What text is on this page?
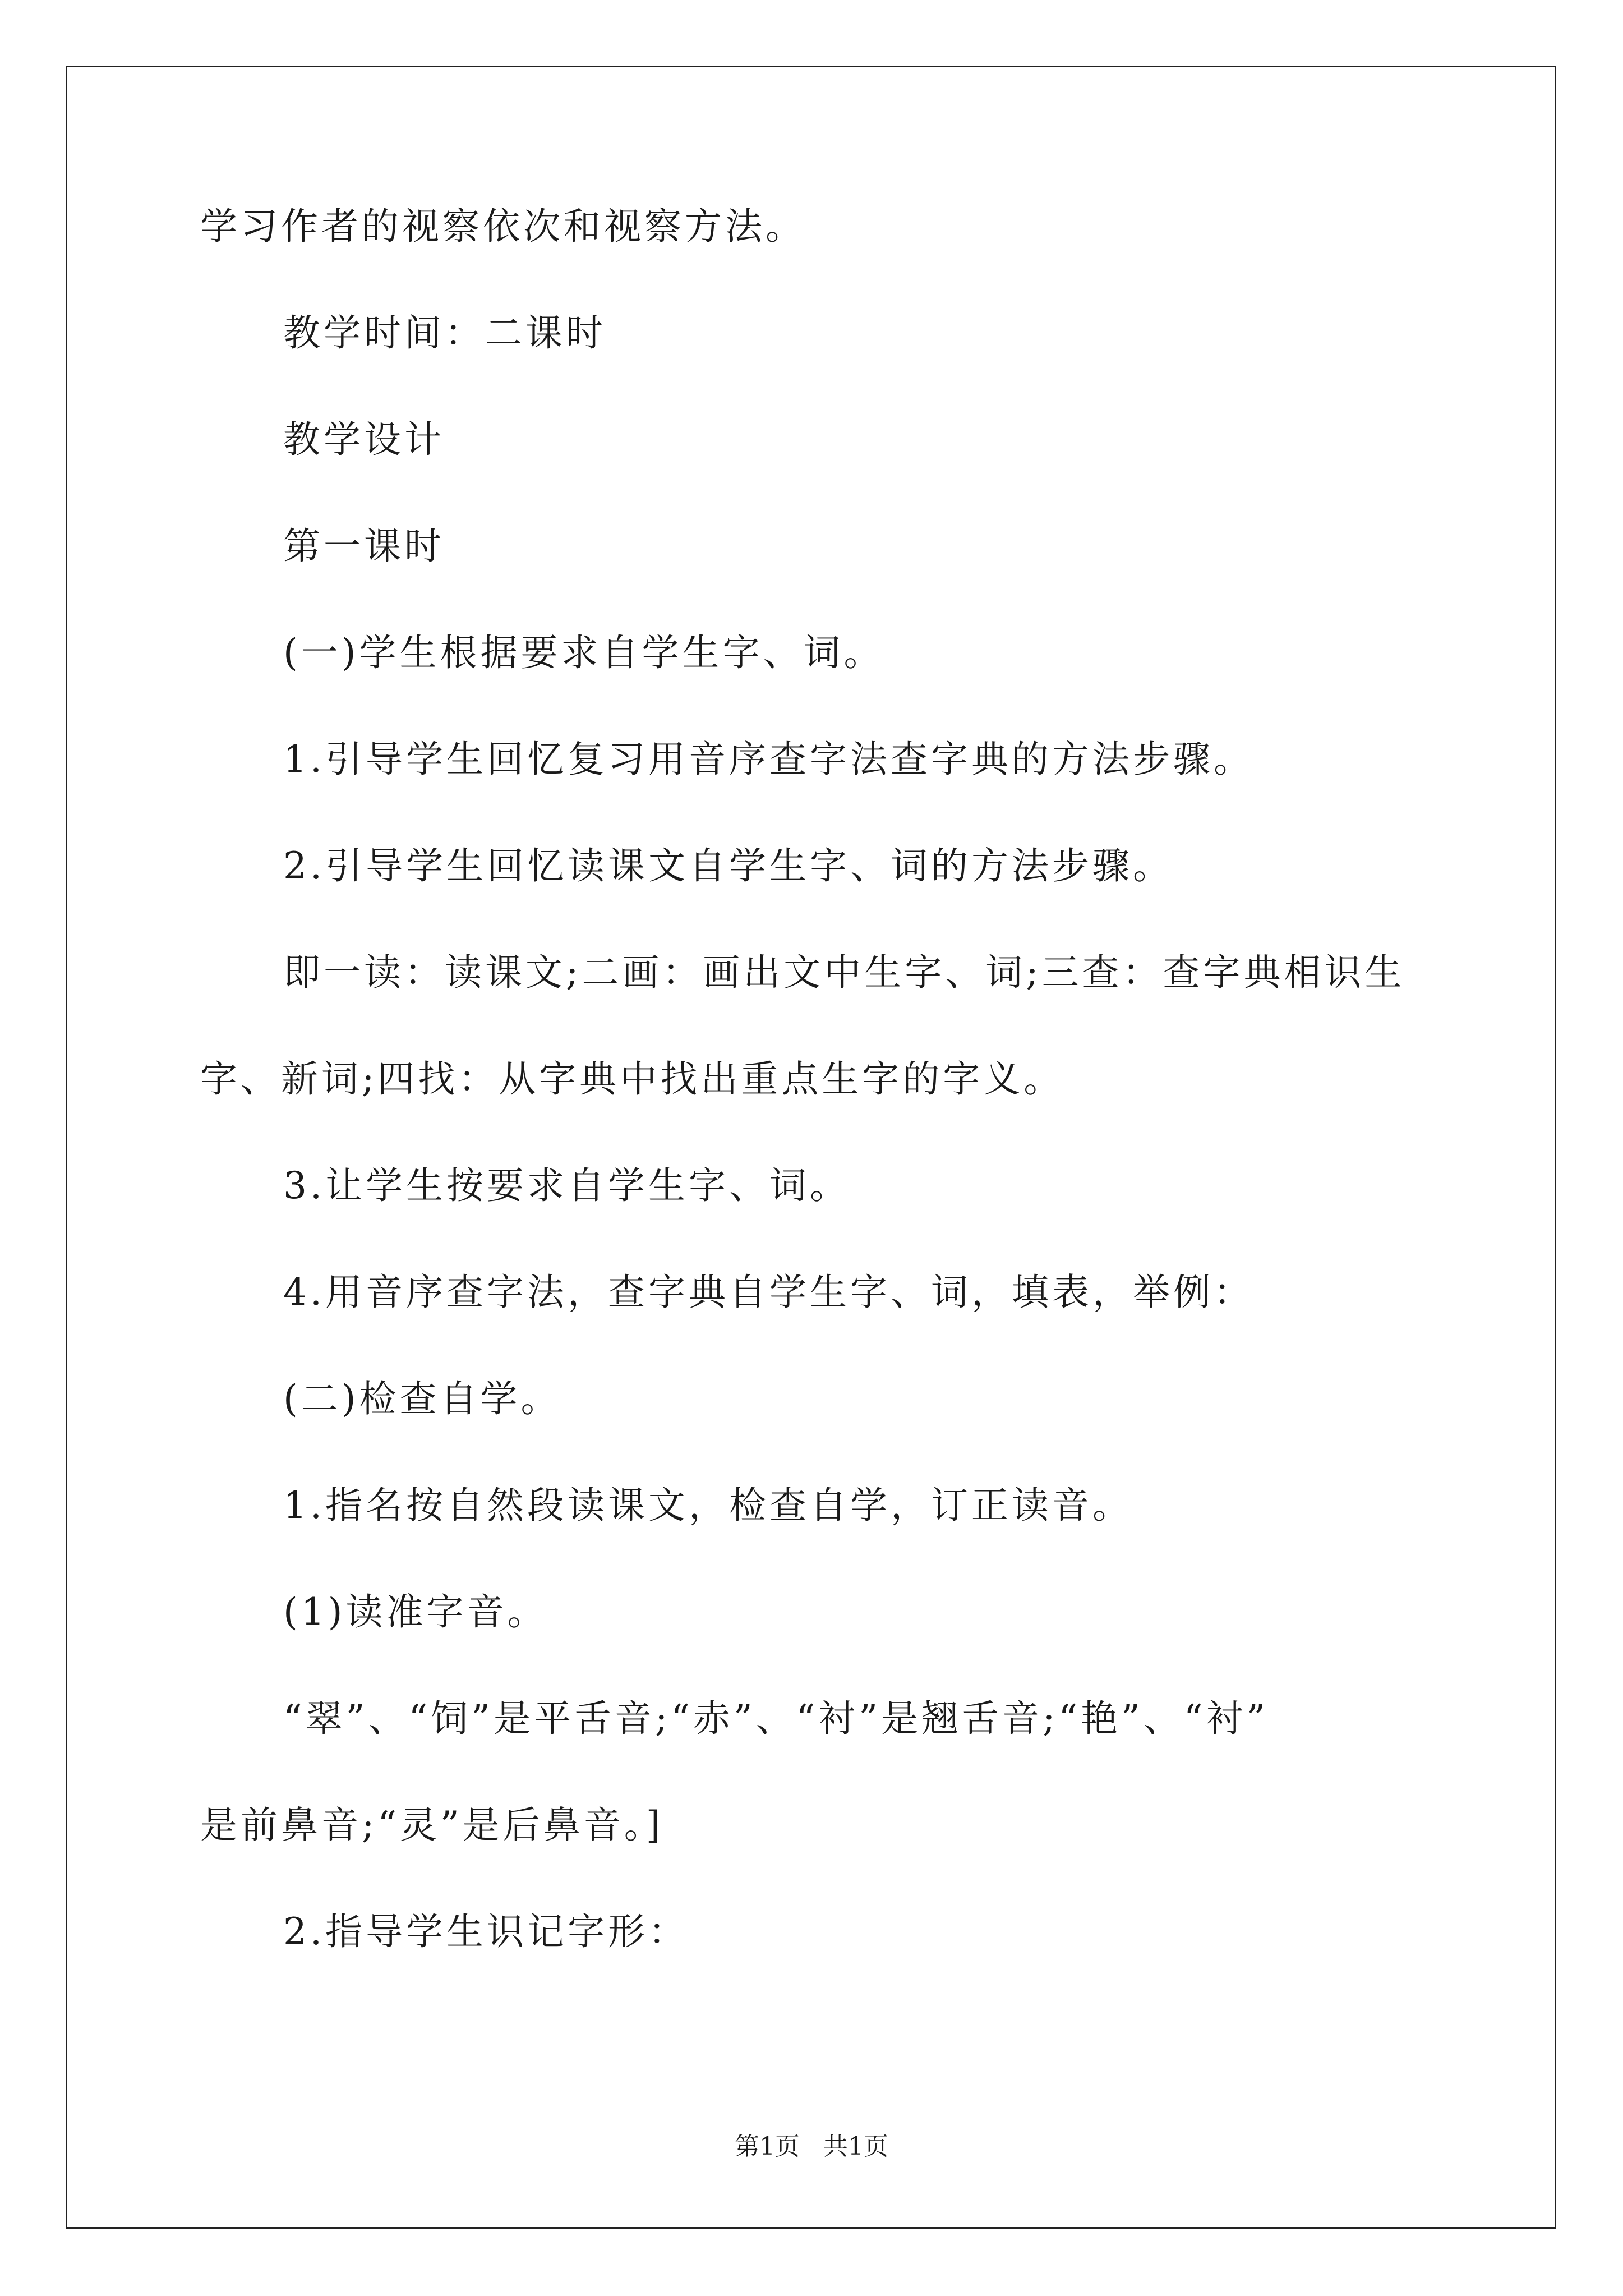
学习作者的视察依次和视察方法。

教学时间：二课时

教学设计

第一课时

(一)学生根据要求自学生字、词。

1.引导学生回忆复习用音序查字法查字典的方法步骤。

2.引导学生回忆读课文自学生字、词的方法步骤。

即一读：读课文;二画：画出文中生字、词;三查：查字典相识生

字、新词;四找：从字典中找出重点生字的字义。

3.让学生按要求自学生字、词。

4.用音序查字法，查字典自学生字、词，填表，举例：

(二)检查自学。

1.指名按自然段读课文，检查自学，订正读音。

(1)读准字音。

“翠”、“饲”是平舌音;“赤”、“衬”是翘舌音;“艳”、“衬”

是前鼻音;“灵”是后鼻音。]

2.指导学生识记字形：

第1页 共1页
